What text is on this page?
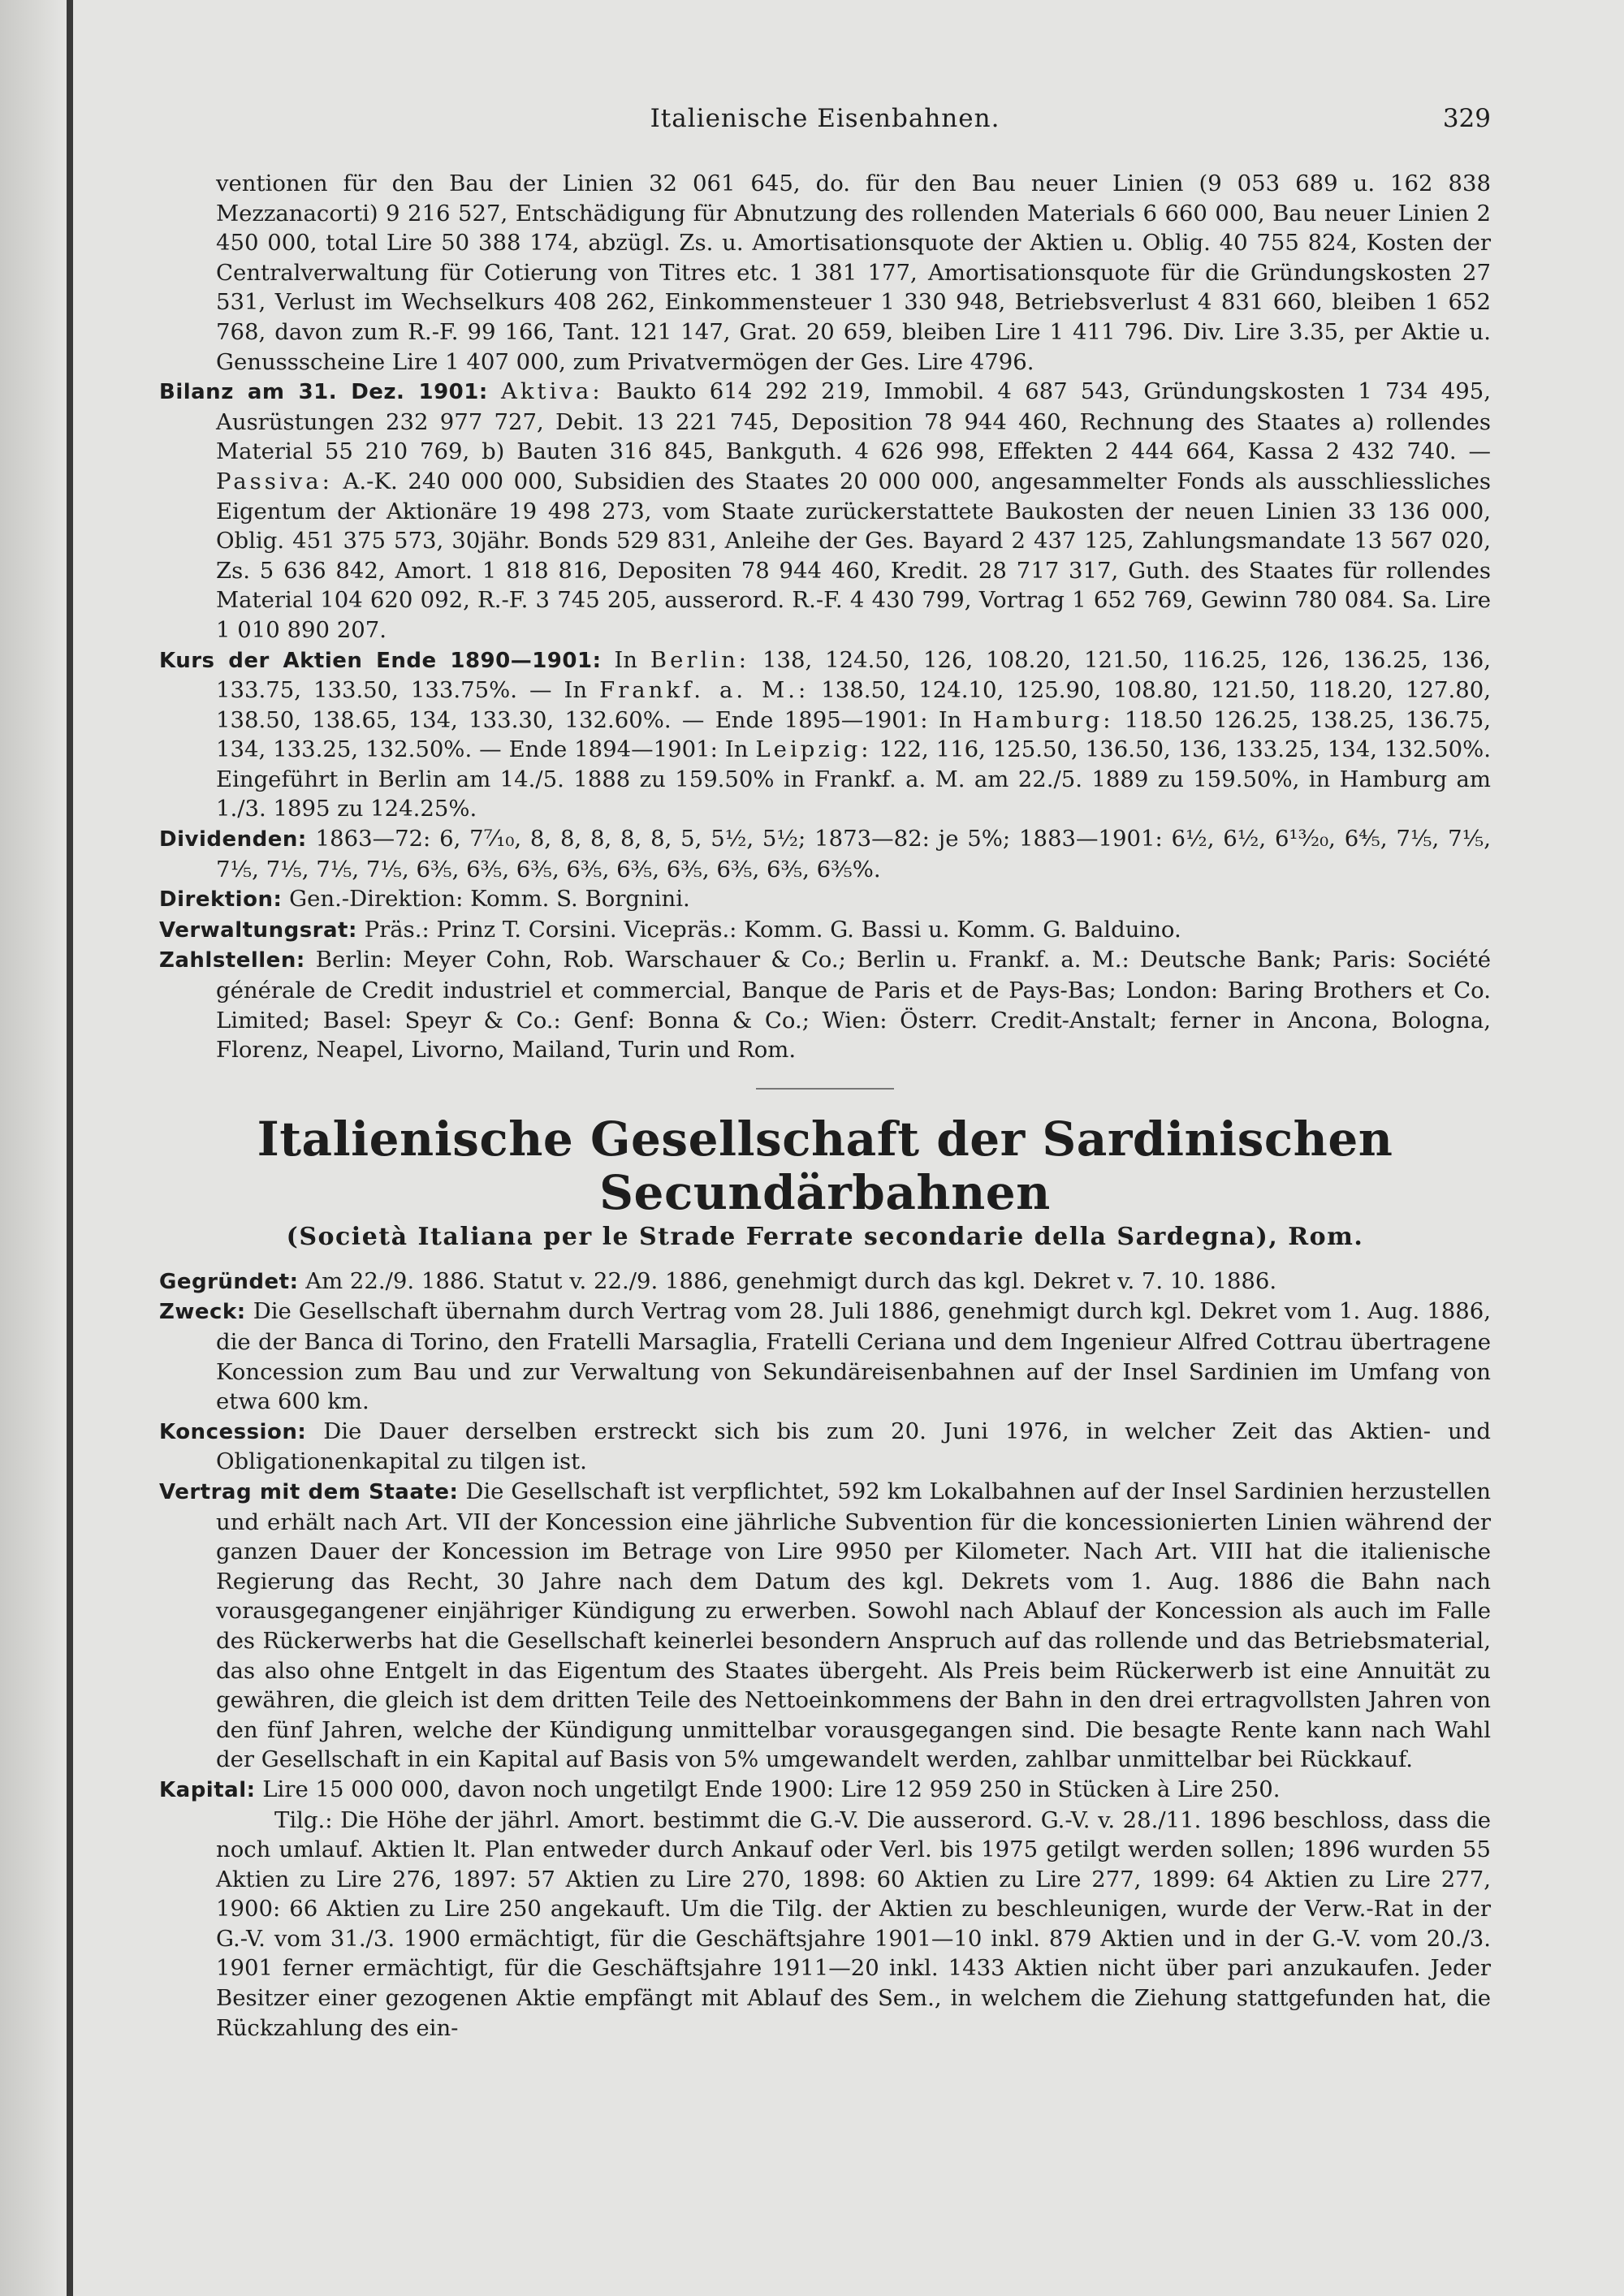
Italienische Eisenbahnen.	329

ventionen für den Bau der Linien 32 061 645, do. für den Bau neuer Linien (9 053 689 u. 162 838 Mezzanacorti) 9 216 527, Entschädigung für Abnutzung des rollenden Materials 6 660 000, Bau neuer Linien 2 450 000, total Lire 50 388 174, abzügl. Zs. u. Amortisationsquote der Aktien u. Oblig. 40 755 824, Kosten der Centralverwaltung für Cotierung von Titres etc. 1 381 177, Amortisationsquote für die Gründungskosten 27 531, Verlust im Wechselkurs 408 262, Einkommensteuer 1 330 948, Betriebsverlust 4 831 660, bleiben 1 652 768, davon zum R.-F. 99 166, Tant. 121 147, Grat. 20 659, bleiben Lire 1 411 796. Div. Lire 3.35, per Aktie u. Genussscheine Lire 1 407 000, zum Privatvermögen der Ges. Lire 4796.

Bilanz am 31. Dez. 1901: Aktiva: Baukto 614 292 219, Immobil. 4 687 543, Gründungskosten 1 734 495, Ausrüstungen 232 977 727, Debit. 13 221 745, Deposition 78 944 460, Rechnung des Staates a) rollendes Material 55 210 769, b) Bauten 316 845, Bankguth. 4 626 998, Effekten 2 444 664, Kassa 2 432 740. — Passiva: A.-K. 240 000 000, Subsidien des Staates 20 000 000, angesammelter Fonds als ausschliessliches Eigentum der Aktionäre 19 498 273, vom Staate zurückerstattete Baukosten der neuen Linien 33 136 000, Oblig. 451 375 573, 30jähr. Bonds 529 831, Anleihe der Ges. Bayard 2 437 125, Zahlungsmandate 13 567 020, Zs. 5 636 842, Amort. 1 818 816, Depositen 78 944 460, Kredit. 28 717 317, Guth. des Staates für rollendes Material 104 620 092, R.-F. 3 745 205, ausserord. R.-F. 4 430 799, Vortrag 1 652 769, Gewinn 780 084. Sa. Lire 1 010 890 207.

Kurs der Aktien Ende 1890—1901: In Berlin: 138, 124.50, 126, 108.20, 121.50, 116.25, 126, 136.25, 136, 133.75, 133.50, 133.75%. — In Frankf. a. M.: 138.50, 124.10, 125.90, 108.80, 121.50, 118.20, 127.80, 138.50, 138.65, 134, 133.30, 132.60%. — Ende 1895—1901: In Hamburg: 118.50 126.25, 138.25, 136.75, 134, 133.25, 132.50%. — Ende 1894—1901: In Leipzig: 122, 116, 125.50, 136.50, 136, 133.25, 134, 132.50%. Eingeführt in Berlin am 14./5. 1888 zu 159.50% in Frankf. a. M. am 22./5. 1889 zu 159.50%, in Hamburg am 1./3. 1895 zu 124.25%.

Dividenden: 1863—72: 6, 7⁷⁄₁₀, 8, 8, 8, 8, 8, 5, 5½, 5½; 1873—82: je 5%; 1883—1901: 6½, 6½, 6¹³⁄₂₀, 6⁴⁄₅, 7⅕, 7⅕, 7⅕, 7⅕, 7⅕, 7⅕, 6⅗, 6⅗, 6⅗, 6⅗, 6⅗, 6⅗, 6⅗, 6⅗, 6⅗%.

Direktion: Gen.-Direktion: Komm. S. Borgnini.

Verwaltungsrat: Präs.: Prinz T. Corsini. Vicepräs.: Komm. G. Bassi u. Komm. G. Balduino.

Zahlstellen: Berlin: Meyer Cohn, Rob. Warschauer & Co.; Berlin u. Frankf. a. M.: Deutsche Bank; Paris: Société générale de Credit industriel et commercial, Banque de Paris et de Pays-Bas; London: Baring Brothers et Co. Limited; Basel: Speyr & Co.: Genf: Bonna & Co.; Wien: Österr. Credit-Anstalt; ferner in Ancona, Bologna, Florenz, Neapel, Livorno, Mailand, Turin und Rom.

Italienische Gesellschaft der Sardinischen Secundärbahnen
(Società Italiana per le Strade Ferrate secondarie della Sardegna), Rom.

Gegründet: Am 22./9. 1886. Statut v. 22./9. 1886, genehmigt durch das kgl. Dekret v. 7. 10. 1886.

Zweck: Die Gesellschaft übernahm durch Vertrag vom 28. Juli 1886, genehmigt durch kgl. Dekret vom 1. Aug. 1886, die der Banca di Torino, den Fratelli Marsaglia, Fratelli Ceriana und dem Ingenieur Alfred Cottrau übertragene Koncession zum Bau und zur Verwaltung von Sekundäreisenbahnen auf der Insel Sardinien im Umfang von etwa 600 km.

Koncession: Die Dauer derselben erstreckt sich bis zum 20. Juni 1976, in welcher Zeit das Aktien- und Obligationenkapital zu tilgen ist.

Vertrag mit dem Staate: Die Gesellschaft ist verpflichtet, 592 km Lokalbahnen auf der Insel Sardinien herzustellen und erhält nach Art. VII der Koncession eine jährliche Subvention für die koncessionierten Linien während der ganzen Dauer der Koncession im Betrage von Lire 9950 per Kilometer. Nach Art. VIII hat die italienische Regierung das Recht, 30 Jahre nach dem Datum des kgl. Dekrets vom 1. Aug. 1886 die Bahn nach vorausgegangener einjähriger Kündigung zu erwerben. Sowohl nach Ablauf der Koncession als auch im Falle des Rückerwerbs hat die Gesellschaft keinerlei besondern Anspruch auf das rollende und das Betriebsmaterial, das also ohne Entgelt in das Eigentum des Staates übergeht. Als Preis beim Rückerwerb ist eine Annuität zu gewähren, die gleich ist dem dritten Teile des Nettoeinkommens der Bahn in den drei ertragvollsten Jahren von den fünf Jahren, welche der Kündigung unmittelbar vorausgegangen sind. Die besagte Rente kann nach Wahl der Gesellschaft in ein Kapital auf Basis von 5% umgewandelt werden, zahlbar unmittelbar bei Rückkauf.

Kapital: Lire 15 000 000, davon noch ungetilgt Ende 1900: Lire 12 959 250 in Stücken à Lire 250.

Tilg.: Die Höhe der jährl. Amort. bestimmt die G.-V. Die ausserord. G.-V. v. 28./11. 1896 beschloss, dass die noch umlauf. Aktien lt. Plan entweder durch Ankauf oder Verl. bis 1975 getilgt werden sollen; 1896 wurden 55 Aktien zu Lire 276, 1897: 57 Aktien zu Lire 270, 1898: 60 Aktien zu Lire 277, 1899: 64 Aktien zu Lire 277, 1900: 66 Aktien zu Lire 250 angekauft. Um die Tilg. der Aktien zu beschleunigen, wurde der Verw.-Rat in der G.-V. vom 31./3. 1900 ermächtigt, für die Geschäftsjahre 1901—10 inkl. 879 Aktien und in der G.-V. vom 20./3. 1901 ferner ermächtigt, für die Geschäftsjahre 1911—20 inkl. 1433 Aktien nicht über pari anzukaufen. Jeder Besitzer einer gezogenen Aktie empfängt mit Ablauf des Sem., in welchem die Ziehung stattgefunden hat, die Rückzahlung des ein-
